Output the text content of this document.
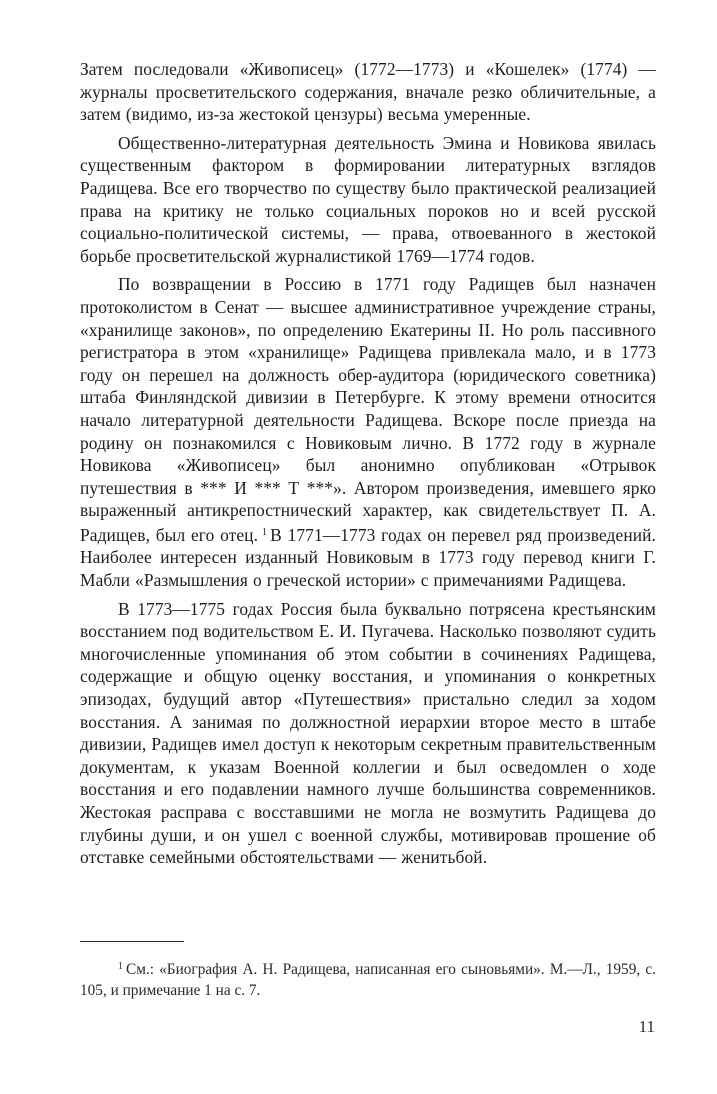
Затем последовали «Живописец» (1772—1773) и «Кошелек» (1774) — журналы просветительского содержания, вначале резко обличительные, а затем (видимо, из-за жестокой цензуры) весьма умеренные.

Общественно-литературная деятельность Эмина и Новикова явилась существенным фактором в формировании литературных взглядов Радищева. Все его творчество по существу было практической реализацией права на критику не только социальных пороков но и всей русской социально-политической системы, — права, отвоеванного в жестокой борьбе просветительской журналистикой 1769—1774 годов.

По возвращении в Россию в 1771 году Радищев был назначен протоколистом в Сенат — высшее административное учреждение страны, «хранилище законов», по определению Екатерины II. Но роль пассивного регистратора в этом «хранилище» Радищева привлекала мало, и в 1773 году он перешел на должность обер-аудитора (юридического советника) штаба Финляндской дивизии в Петербурге. К этому времени относится начало литературной деятельности Радищева. Вскоре после приезда на родину он познакомился с Новиковым лично. В 1772 году в журнале Новикова «Живописец» был анонимно опубликован «Отрывок путешествия в *** И *** Т ***». Автором произведения, имевшего ярко выраженный антикрепостнический характер, как свидетельствует П. А. Радищев, был его отец. $^1$ В 1771—1773 годах он перевел ряд произведений. Наиболее интересен изданный Новиковым в 1773 году перевод книги Г. Мабли «Размышления о греческой истории» с примечаниями Радищева.

В 1773—1775 годах Россия была буквально потрясена крестьянским восстанием под водительством Е. И. Пугачева. Насколько позволяют судить многочисленные упоминания об этом событии в сочинениях Радищева, содержащие и общую оценку восстания, и упоминания о конкретных эпизодах, будущий автор «Путешествия» пристально следил за ходом восстания. А занимая по должностной иерархии второе место в штабе дивизии, Радищев имел доступ к некоторым секретным правительственным документам, к указам Военной коллегии и был осведомлен о ходе восстания и его подавлении намного лучше большинства современников. Жестокая расправа с восставшими не могла не возмутить Радищева до глубины души, и он ушел с военной службы, мотивировав прошение об отставке семейными обстоятельствами — женитьбой.

$^1$ См.: «Биография А. Н. Радищева, написанная его сыновьями». М.—Л., 1959, с. 105, и примечание 1 на с. 7.
11
